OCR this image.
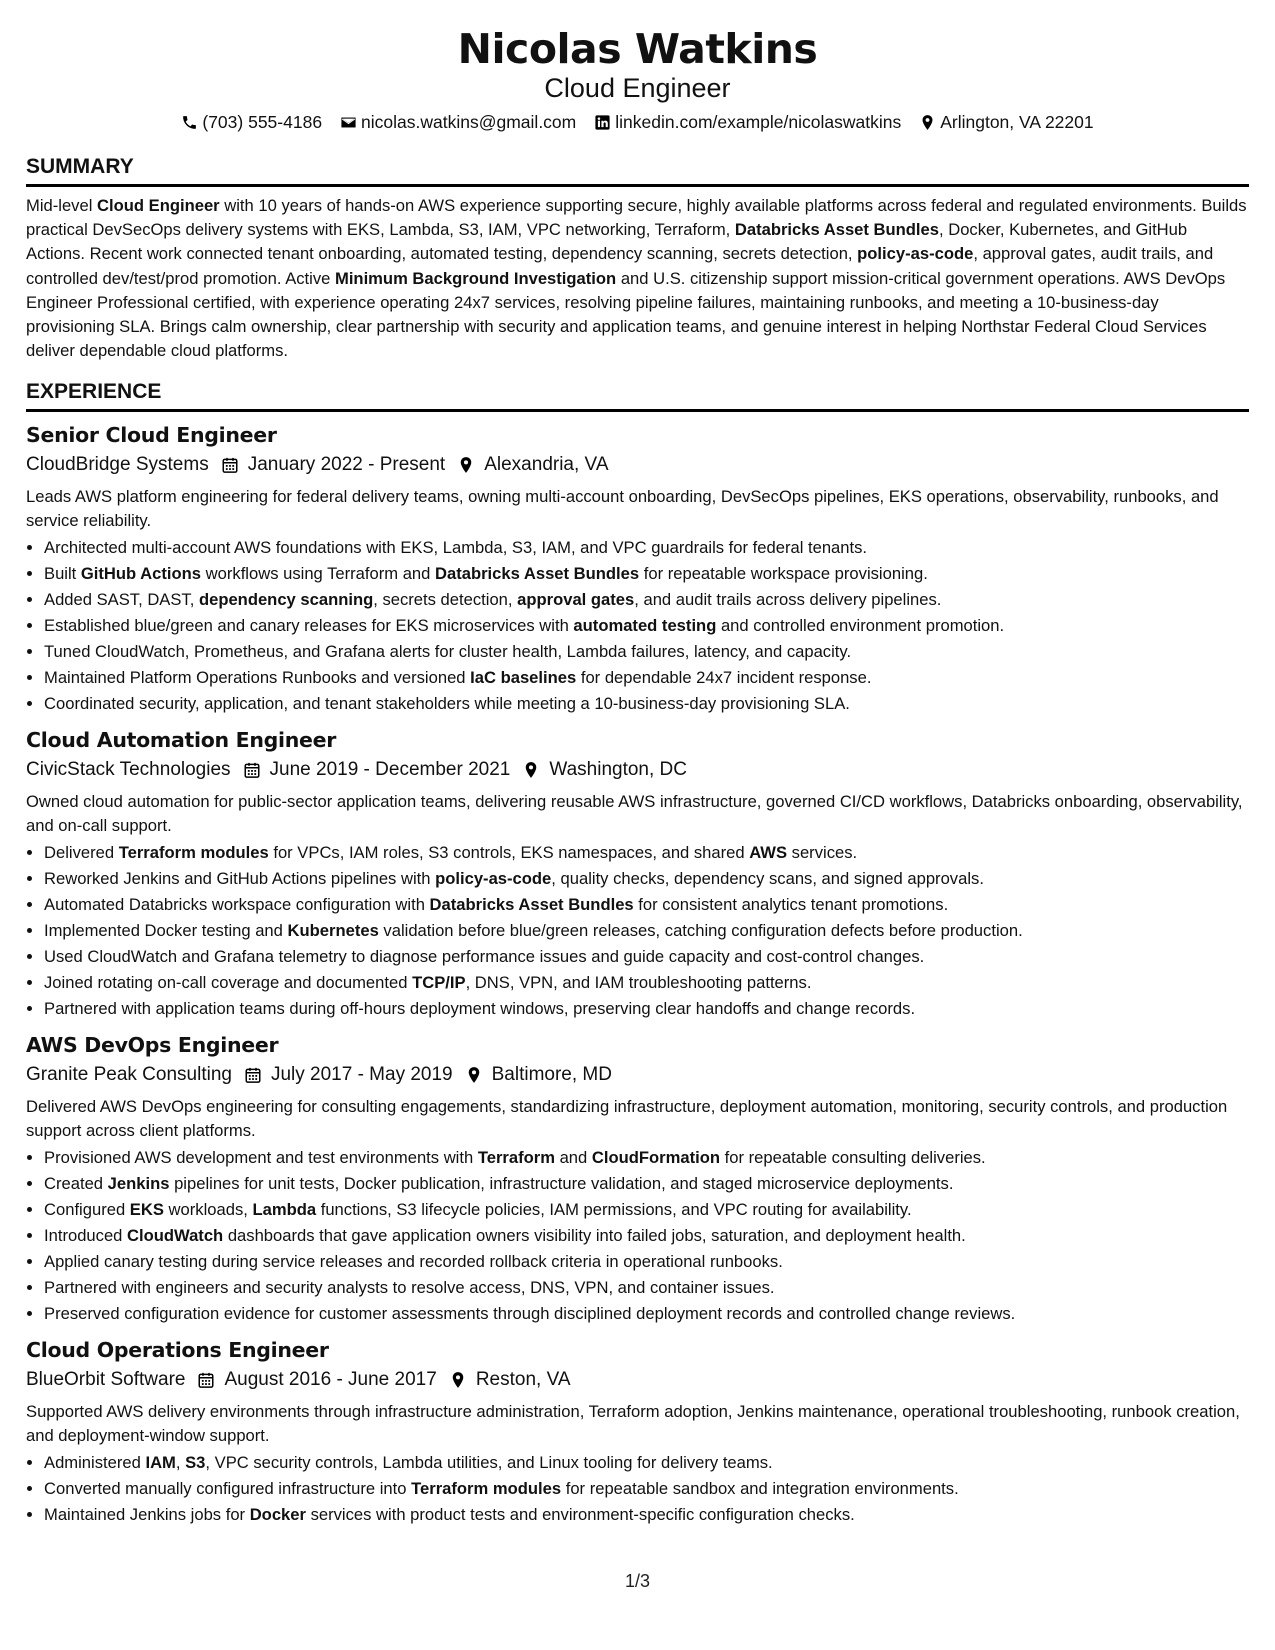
Nicolas Watkins
Cloud Engineer
(703) 555-4186 nicolas.watkins@gmail.com linkedin.com/example/nicolaswatkins Arlington, VA 22201
SUMMARY
Mid-level Cloud Engineer with 10 years of hands-on AWS experience supporting secure, highly available platforms across federal and regulated environments. Builds practical DevSecOps delivery systems with EKS, Lambda, S3, IAM, VPC networking, Terraform, Databricks Asset Bundles, Docker, Kubernetes, and GitHub Actions. Recent work connected tenant onboarding, automated testing, dependency scanning, secrets detection, policy-as-code, approval gates, audit trails, and controlled dev/test/prod promotion. Active Minimum Background Investigation and U.S. citizenship support mission-critical government operations. AWS DevOps Engineer Professional certified, with experience operating 24x7 services, resolving pipeline failures, maintaining runbooks, and meeting a 10-business-day provisioning SLA. Brings calm ownership, clear partnership with security and application teams, and genuine interest in helping Northstar Federal Cloud Services deliver dependable cloud platforms.
EXPERIENCE
Senior Cloud Engineer
CloudBridge Systems January 2022 - Present Alexandria, VA
Leads AWS platform engineering for federal delivery teams, owning multi-account onboarding, DevSecOps pipelines, EKS operations, observability, runbooks, and service reliability.
• Architected multi-account AWS foundations with EKS, Lambda, S3, IAM, and VPC guardrails for federal tenants.
• Built GitHub Actions workflows using Terraform and Databricks Asset Bundles for repeatable workspace provisioning.
• Added SAST, DAST, dependency scanning, secrets detection, approval gates, and audit trails across delivery pipelines.
• Established blue/green and canary releases for EKS microservices with automated testing and controlled environment promotion.
• Tuned CloudWatch, Prometheus, and Grafana alerts for cluster health, Lambda failures, latency, and capacity.
• Maintained Platform Operations Runbooks and versioned IaC baselines for dependable 24x7 incident response.
• Coordinated security, application, and tenant stakeholders while meeting a 10-business-day provisioning SLA.
Cloud Automation Engineer
CivicStack Technologies June 2019 - December 2021 Washington, DC
Owned cloud automation for public-sector application teams, delivering reusable AWS infrastructure, governed CI/CD workflows, Databricks onboarding, observability, and on-call support.
• Delivered Terraform modules for VPCs, IAM roles, S3 controls, EKS namespaces, and shared AWS services.
• Reworked Jenkins and GitHub Actions pipelines with policy-as-code, quality checks, dependency scans, and signed approvals.
• Automated Databricks workspace configuration with Databricks Asset Bundles for consistent analytics tenant promotions.
• Implemented Docker testing and Kubernetes validation before blue/green releases, catching configuration defects before production.
• Used CloudWatch and Grafana telemetry to diagnose performance issues and guide capacity and cost-control changes.
• Joined rotating on-call coverage and documented TCP/IP, DNS, VPN, and IAM troubleshooting patterns.
• Partnered with application teams during off-hours deployment windows, preserving clear handoffs and change records.
AWS DevOps Engineer
Granite Peak Consulting July 2017 - May 2019 Baltimore, MD
Delivered AWS DevOps engineering for consulting engagements, standardizing infrastructure, deployment automation, monitoring, security controls, and production support across client platforms.
• Provisioned AWS development and test environments with Terraform and CloudFormation for repeatable consulting deliveries.
• Created Jenkins pipelines for unit tests, Docker publication, infrastructure validation, and staged microservice deployments.
• Configured EKS workloads, Lambda functions, S3 lifecycle policies, IAM permissions, and VPC routing for availability.
• Introduced CloudWatch dashboards that gave application owners visibility into failed jobs, saturation, and deployment health.
• Applied canary testing during service releases and recorded rollback criteria in operational runbooks.
• Partnered with engineers and security analysts to resolve access, DNS, VPN, and container issues.
• Preserved configuration evidence for customer assessments through disciplined deployment records and controlled change reviews.
Cloud Operations Engineer
BlueOrbit Software August 2016 - June 2017 Reston, VA
Supported AWS delivery environments through infrastructure administration, Terraform adoption, Jenkins maintenance, operational troubleshooting, runbook creation, and deployment-window support.
• Administered IAM, S3, VPC security controls, Lambda utilities, and Linux tooling for delivery teams.
• Converted manually configured infrastructure into Terraform modules for repeatable sandbox and integration environments.
• Maintained Jenkins jobs for Docker services with product tests and environment-specific configuration checks.
1/3
